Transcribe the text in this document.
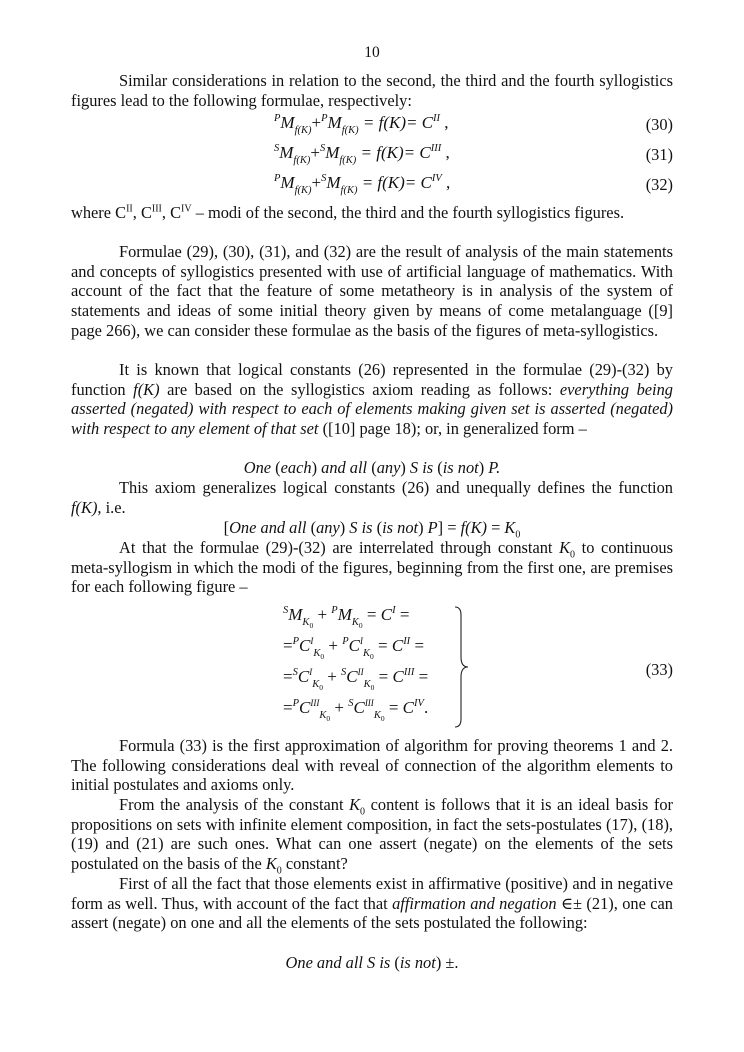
10
Similar considerations in relation to the second, the third and the fourth syllogistics figures lead to the following formulae, respectively:
$^PM_{f(K)}+^PM_{f(K)} = f(K)= C^{II}$ ,	(30)
$^SM_{f(K)}+^SM_{f(K)} = f(K)= C^{III}$ ,	(31)
$^PM_{f(K)}+^SM_{f(K)} = f(K)= C^{IV}$ ,	(32)
where $C^{II}$, $C^{III}$, $C^{IV}$ – modi of the second, the third and the fourth syllogistics figures.
Formulae (29), (30), (31), and (32) are the result of analysis of the main statements and concepts of syllogistics presented with use of artificial language of mathematics. With account of the fact that the feature of some metatheory is in analysis of the system of statements and ideas of some initial theory given by means of come metalanguage ([9] page 266), we can consider these formulae as the basis of the figures of meta-syllogistics.
It is known that logical constants (26) represented in the formulae (29)-(32) by function f(K) are based on the syllogistics axiom reading as follows: everything being asserted (negated) with respect to each of elements making given set is asserted (negated) with respect to any element of that set ([10] page 18); or, in generalized form –
One (each) and all (any) S is (is not) P.
This axiom generalizes logical constants (26) and unequally defines the function f(K), i.e.
[One and all (any) S is (is not) $P] = f(K) = K_0$
At that the formulae (29)-(32) are interrelated through constant $K_0$ to continuous meta-syllogism in which the modi of the figures, beginning from the first one, are premises for each following figure –
$^SM_{K_0} + ^PM_{K_0} = C^I$ =
$=^PC^I_{K_0} + ^PC^I_{K_0} = C^{II}$ =
$=^SC^I_{K_0} + ^SC^{II}_{K_0} = C^{III}$ =
$=^PC^{III}_{K_0} + ^SC^{III}_{K_0} = C^{IV}$.
(33)
Formula (33) is the first approximation of algorithm for proving theorems 1 and 2. The following considerations deal with reveal of connection of the algorithm elements to initial postulates and axioms only.
From the analysis of the constant $K_0$ content is follows that it is an ideal basis for propositions on sets with infinite element composition, in fact the sets-postulates (17), (18), (19) and (21) are such ones. What can one assert (negate) on the elements of the sets postulated on the basis of the $K_0$ constant?
First of all the fact that those elements exist in affirmative (positive) and in negative form as well. Thus, with account of the fact that affirmation and negation ∈± (21), one can assert (negate) on one and all the elements of the sets postulated the following:
One and all S is (is not) ±.
